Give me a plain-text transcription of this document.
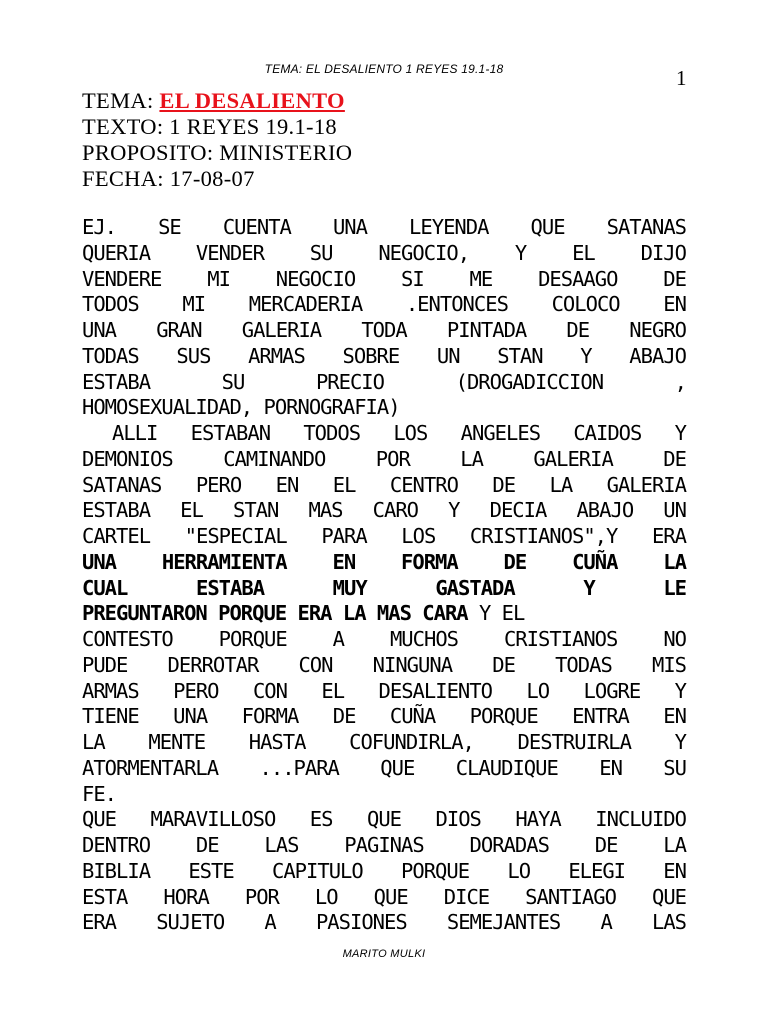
TEMA: EL DESALIENTO 1 REYES 19.1-18	1
TEMA: EL DESALIENTO
TEXTO: 1 REYES 19.1-18
PROPOSITO: MINISTERIO
FECHA: 17-08-07
EJ. SE CUENTA UNA LEYENDA QUE SATANAS
QUERIA VENDER SU NEGOCIO, Y EL DIJO
VENDERE MI NEGOCIO SI ME DESAAGO DE
TODOS MI MERCADERIA .ENTONCES COLOCO EN
UNA GRAN GALERIA TODA PINTADA DE NEGRO
TODAS SUS ARMAS SOBRE UN STAN Y ABAJO
ESTABA SU PRECIO (DROGADICCION ,
HOMOSEXUALIDAD, PORNOGRAFIA)
ALLI ESTABAN TODOS LOS ANGELES CAIDOS Y
DEMONIOS CAMINANDO POR LA GALERIA DE
SATANAS PERO EN EL CENTRO DE LA GALERIA
ESTABA EL STAN MAS CARO Y DECIA ABAJO UN
CARTEL "ESPECIAL PARA LOS CRISTIANOS",Y ERA
UNA HERRAMIENTA EN FORMA DE CUÑA LA
CUAL ESTABA MUY GASTADA Y LE
PREGUNTARON PORQUE ERA LA MAS CARA Y EL
CONTESTO PORQUE A MUCHOS CRISTIANOS NO
PUDE DERROTAR CON NINGUNA DE TODAS MIS
ARMAS PERO CON EL DESALIENTO LO LOGRE Y
TIENE UNA FORMA DE CUÑA PORQUE ENTRA EN
LA MENTE HASTA COFUNDIRLA, DESTRUIRLA Y
ATORMENTARLA ...PARA QUE CLAUDIQUE EN SU
FE.
QUE MARAVILLOSO ES QUE DIOS HAYA INCLUIDO
DENTRO DE LAS PAGINAS DORADAS DE LA
BIBLIA ESTE CAPITULO PORQUE LO ELEGI EN
ESTA HORA POR LO QUE DICE SANTIAGO QUE
ERA SUJETO A PASIONES SEMEJANTES A LAS
MARITO MULKI
